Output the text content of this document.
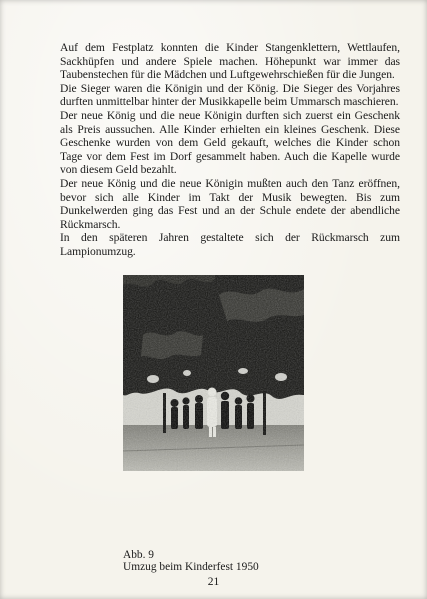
Auf dem Festplatz konnten die Kinder Stangenklettern, Wettlaufen, Sackhüpfen und andere Spiele machen. Höhepunkt war immer das Taubenstechen für die Mädchen und Luftgewehrschießen für die Jungen.

Die Sieger waren die Königin und der König. Die Sieger des Vorjahres durften unmittelbar hinter der Musikkapelle beim Ummarsch maschieren.

Der neue König und die neue Königin durften sich zuerst ein Geschenk als Preis aussuchen. Alle Kinder erhielten ein kleines Geschenk. Diese Geschenke wurden von dem Geld gekauft, welches die Kinder schon Tage vor dem Fest im Dorf gesammelt haben. Auch die Kapelle wurde von diesem Geld bezahlt.

Der neue König und die neue Königin mußten auch den Tanz eröffnen, bevor sich alle Kinder im Takt der Musik bewegten. Bis zum Dunkelwerden ging das Fest und an der Schule endete der abendliche Rückmarsch.

In den späteren Jahren gestaltete sich der Rückmarsch zum Lampionumzug.

Abb. 9
Umzug beim Kinderfest 1950
21
